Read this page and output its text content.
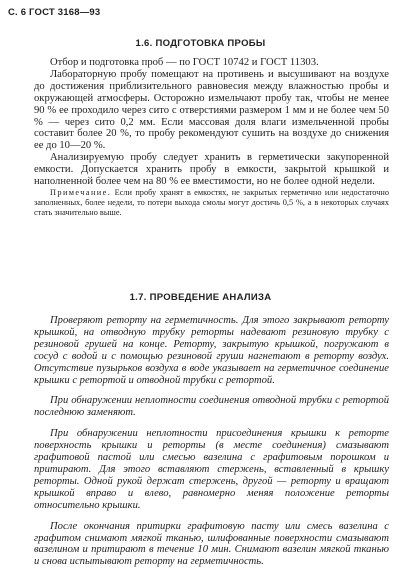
С. 6 ГОСТ 3168—93
1.6. ПОДГОТОВКА ПРОБЫ

Отбор и подготовка проб — по ГОСТ 10742 и ГОСТ 11303.

Лабораторную пробу помещают на противень и высушивают на воздухе до достижения приблизительного равновесия между влажностью пробы и окружающей атмосферы. Осторожно измельчают пробу так, чтобы не менее 90 % ее проходило через сито с отверстиями размером 1 мм и не более чем 50 % — через сито 0,2 мм. Если массовая доля влаги измельченной пробы составит более 20 %, то пробу рекомендуют сушить на воздухе до снижения ее до 10—20 %.

Анализируемую пробу следует хранить в герметически закупоренной емкости. Допускается хранить пробу в емкости, закрытой крышкой и наполненной более чем на 80 % ее вместимости, но не более одной недели.

Примечание. Если пробу хранят в емкостях, не закрытых герметично или недостаточно заполненных, более недели, то потери выхода смолы могут достичь 0,5 %, а в некоторых случаях стать значительно выше.

1.7. ПРОВЕДЕНИЕ АНАЛИЗА

Проверяют реторту на герметичность. Для этого закрывают реторту крышкой, на отводную трубку реторты надевают резиновую трубку с резиновой грушей на конце. Реторту, закрытую крышкой, погружают в сосуд с водой и с помощью резиновой груши нагнетают в реторту воздух. Отсутствие пузырьков воздуха в воде указывает на герметичное соединение крышки с ретортой и отводной трубки с ретортой.

При обнаружении неплотности соединения отводной трубки с ретортой последнюю заменяют.

При обнаружении неплотности присоединения крышки к реторте поверхность крышки и реторты (в месте соединения) смазывают графитовой пастой или смесью вазелина с графитовым порошком и притирают. Для этого вставляют стержень, вставленный в крышку реторты. Одной рукой держат стержень, другой — реторту и вращают крышкой вправо и влево, равномерно меняя положение реторты относительно крышки.

После окончания притирки графитовую пасту или смесь вазелина с графитом снимают мягкой тканью, шлифованные поверхности смазывают вазелином и притирают в течение 10 мин. Снимают вазелин мягкой тканью и снова испытывают реторту на герметичность.
